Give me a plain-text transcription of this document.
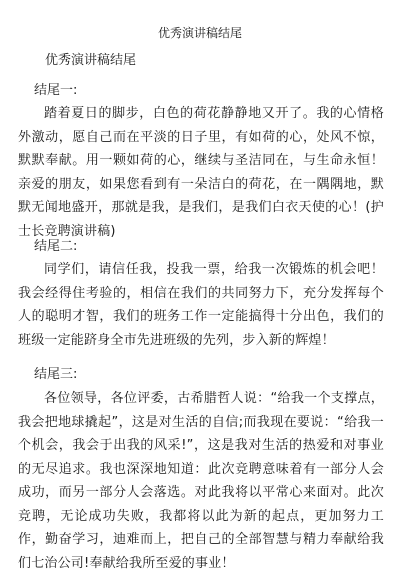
优秀演讲稿结尾
优秀演讲稿结尾
结尾一:
踏着夏日的脚步，白色的荷花静静地又开了。我的心情格外激动，愿自己而在平淡的日子里，有如荷的心，处风不惊，默默奉献。用一颗如荷的心，继续与圣洁同在，与生命永恒！ 亲爱的朋友，如果您看到有一朵洁白的荷花，在一隅隅地，默默无闻地盛开，那就是我，是我们，是我们白衣天使的心！(护士长竞聘演讲稿)
结尾二:
同学们，请信任我，投我一票，给我一次锻炼的机会吧！我会经得住考验的，相信在我们的共同努力下，充分发挥每个人的聪明才智，我们的班务工作一定能搞得十分出色，我们的班级一定能跻身全市先进班级的先列，步入新的辉煌！
结尾三:
各位领导，各位评委，古希腊哲人说：“给我一个支撑点，我会把地球撬起”，这是对生活的自信;而我现在要说：“给我一个机会，我会于出我的风采!”，这是我对生活的热爱和对事业的无尽追求。我也深深地知道：此次竞聘意味着有一部分人会成功，而另一部分人会落选。对此我将以平常心来面对。此次竞聘，无论成功失败，我都将以此为新的起点，更加努力工作，勤奋学习，迪难而上，把自己的全部智慧与精力奉献给我们七治公司!奉献给我所至爱的事业！
